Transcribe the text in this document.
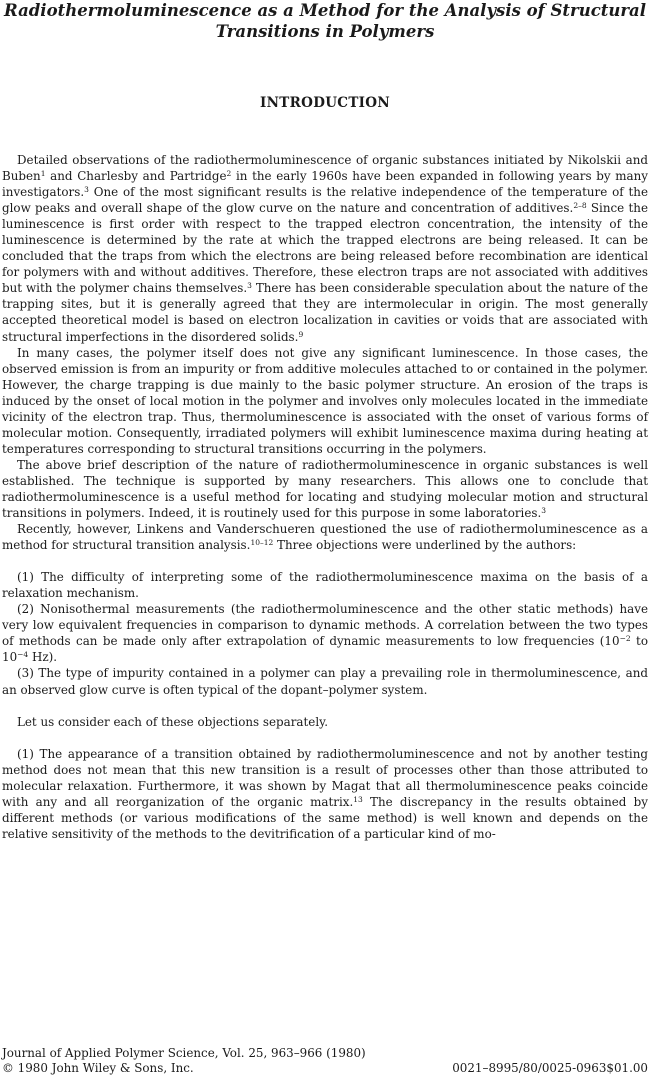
Radiothermoluminescence as a Method for the Analysis of Structural
Transitions in Polymers
INTRODUCTION

Detailed observations of the radiothermoluminescence of organic substances initiated by Nikolskii and Buben$^1$ and Charlesby and Partridge$^2$ in the early 1960s have been expanded in following years by many investigators.$^3$ One of the most significant results is the relative independence of the temperature of the glow peaks and overall shape of the glow curve on the nature and concentration of additives.$^{2-8}$ Since the luminescence is first order with respect to the trapped electron concentration, the intensity of the luminescence is determined by the rate at which the trapped electrons are being released. It can be concluded that the traps from which the electrons are being released before recombination are identical for polymers with and without additives. Therefore, these electron traps are not associated with additives but with the polymer chains themselves.$^3$ There has been considerable speculation about the nature of the trapping sites, but it is generally agreed that they are intermolecular in origin. The most generally accepted theoretical model is based on electron localization in cavities or voids that are associated with structural imperfections in the disordered solids.$^9$

In many cases, the polymer itself does not give any significant luminescence. In those cases, the observed emission is from an impurity or from additive molecules attached to or contained in the polymer. However, the charge trapping is due mainly to the basic polymer structure. An erosion of the traps is induced by the onset of local motion in the polymer and involves only molecules located in the immediate vicinity of the electron trap. Thus, thermoluminescence is associated with the onset of various forms of molecular motion. Consequently, irradiated polymers will exhibit luminescence maxima during heating at temperatures corresponding to structural transitions occurring in the polymers.

The above brief description of the nature of radiothermoluminescence in organic substances is well established. The technique is supported by many researchers. This allows one to conclude that radiothermoluminescence is a useful method for locating and studying molecular motion and structural transitions in polymers. Indeed, it is routinely used for this purpose in some laboratories.$^3$

Recently, however, Linkens and Vanderschueren questioned the use of radiothermoluminescence as a method for structural transition analysis.$^{10-12}$ Three objections were underlined by the authors:

(1) The difficulty of interpreting some of the radiothermoluminescence maxima on the basis of a relaxation mechanism.

(2) Nonisothermal measurements (the radiothermoluminescence and the other static methods) have very low equivalent frequencies in comparison to dynamic methods. A correlation between the two types of methods can be made only after extrapolation of dynamic measurements to low frequencies ($10^{-2}$ to $10^{-4}$ Hz).

(3) The type of impurity contained in a polymer can play a prevailing role in thermoluminescence, and an observed glow curve is often typical of the dopant–polymer system.

Let us consider each of these objections separately.

(1) The appearance of a transition obtained by radiothermoluminescence and not by another testing method does not mean that this new transition is a result of processes other than those attributed to molecular relaxation. Furthermore, it was shown by Magat that all thermoluminescence peaks coincide with any and all reorganization of the organic matrix.$^{13}$ The discrepancy in the results obtained by different methods (or various modifications of the same method) is well known and depends on the relative sensitivity of the methods to the devitrification of a particular kind of mo-

Journal of Applied Polymer Science, Vol. 25, 963–966 (1980)
© 1980 John Wiley & Sons, Inc.	0021–8995/80/0025-0963$01.00
